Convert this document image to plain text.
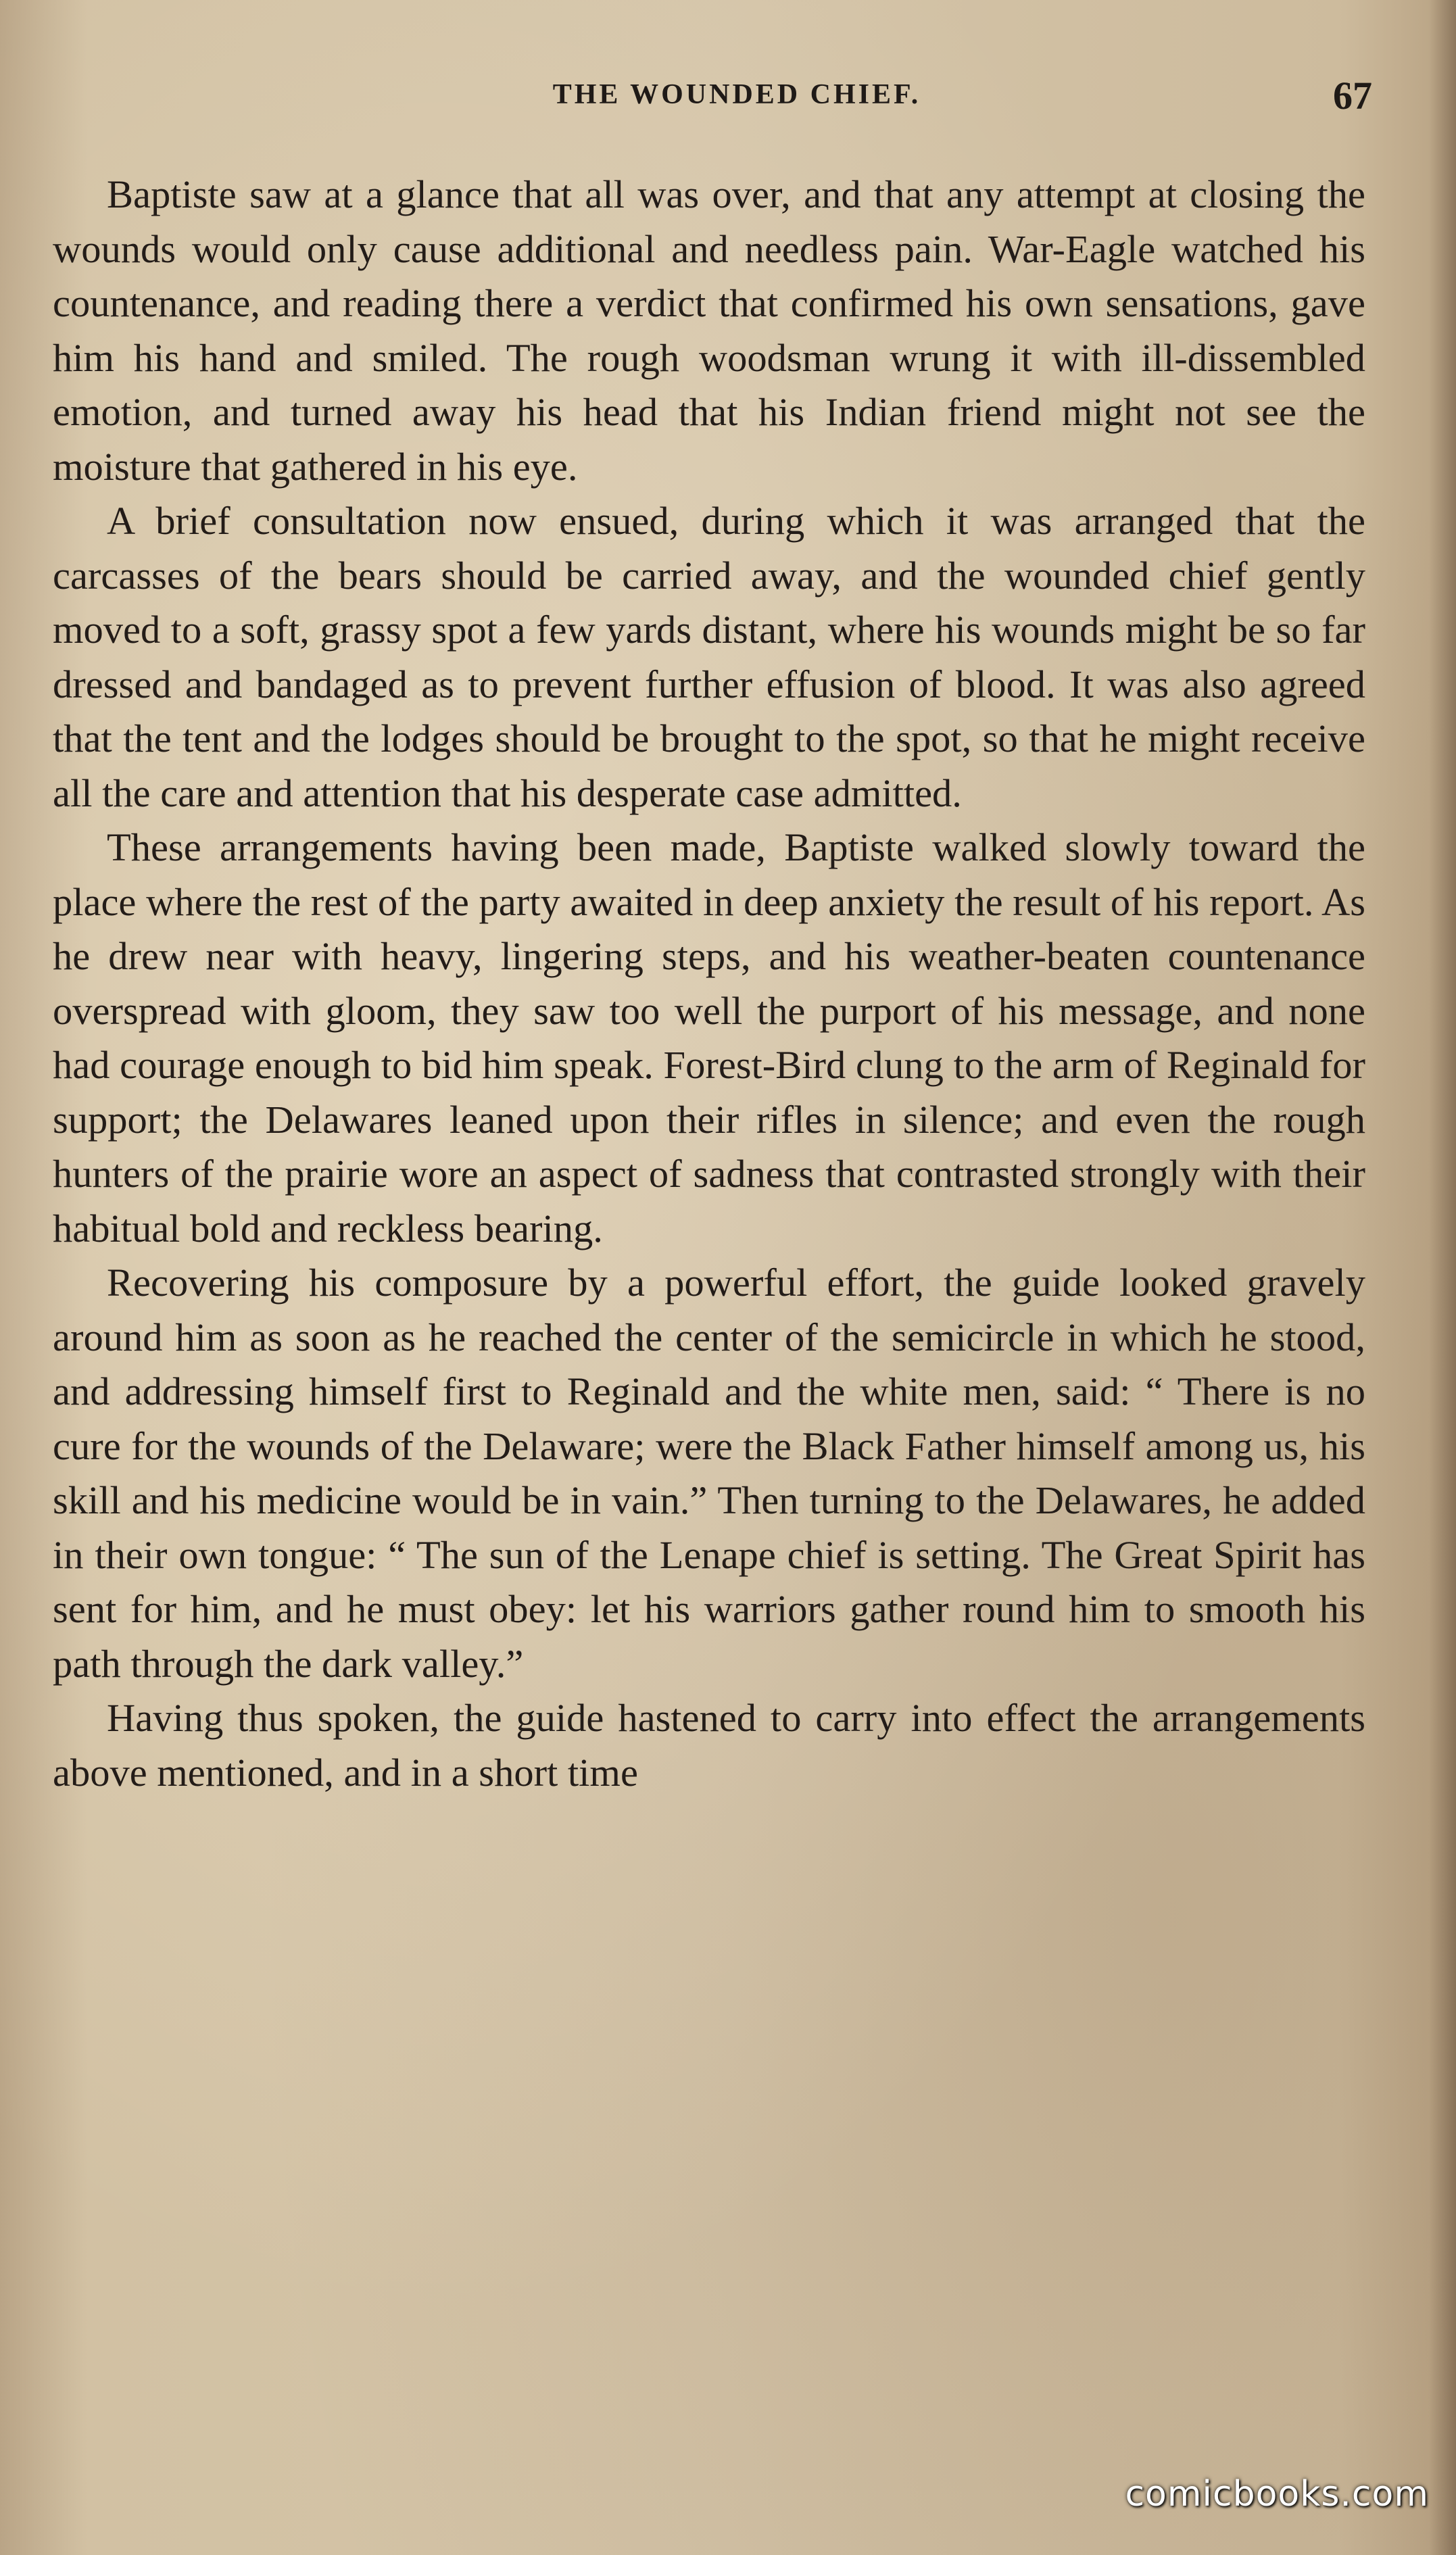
THE WOUNDED CHIEF.	67

Baptiste saw at a glance that all was over, and that any attempt at closing the wounds would only cause additional and needless pain. War-Eagle watched his countenance, and reading there a verdict that confirmed his own sensations, gave him his hand and smiled. The rough woodsman wrung it with ill-dissembled emotion, and turned away his head that his Indian friend might not see the moisture that gathered in his eye.

A brief consultation now ensued, during which it was arranged that the carcasses of the bears should be carried away, and the wounded chief gently moved to a soft, grassy spot a few yards distant, where his wounds might be so far dressed and bandaged as to prevent further effusion of blood. It was also agreed that the tent and the lodges should be brought to the spot, so that he might receive all the care and attention that his desperate case admitted.

These arrangements having been made, Baptiste walked slowly toward the place where the rest of the party awaited in deep anxiety the result of his report. As he drew near with heavy, lingering steps, and his weather-beaten countenance overspread with gloom, they saw too well the purport of his message, and none had courage enough to bid him speak. Forest-Bird clung to the arm of Reginald for support; the Delawares leaned upon their rifles in silence; and even the rough hunters of the prairie wore an aspect of sadness that contrasted strongly with their habitual bold and reckless bearing.

Recovering his composure by a powerful effort, the guide looked gravely around him as soon as he reached the center of the semicircle in which he stood, and addressing himself first to Reginald and the white men, said: “ There is no cure for the wounds of the Delaware; were the Black Father himself among us, his skill and his medicine would be in vain.” Then turning to the Delawares, he added in their own tongue: “ The sun of the Lenape chief is setting. The Great Spirit has sent for him, and he must obey: let his warriors gather round him to smooth his path through the dark valley.”

Having thus spoken, the guide hastened to carry into effect the arrangements above mentioned, and in a short time

comicbooks.com
